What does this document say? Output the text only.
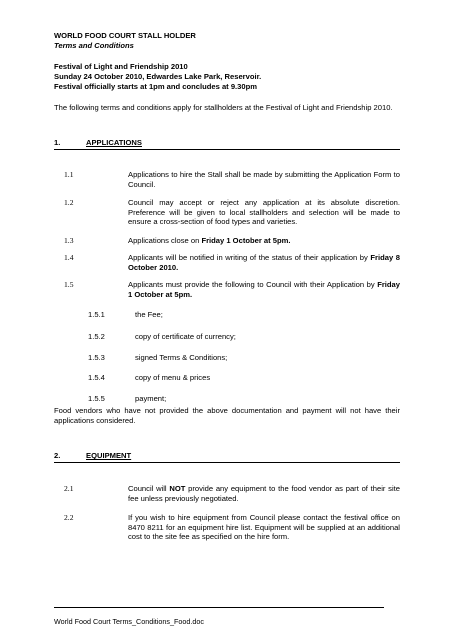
WORLD FOOD COURT STALL HOLDER
Terms and Conditions
Festival of Light and Friendship 2010
Sunday 24 October 2010, Edwardes Lake Park, Reservoir.
Festival officially starts at 1pm and concludes at 9.30pm
The following terms and conditions apply for stallholders at the Festival of Light and Friendship 2010.
1.	APPLICATIONS
1.1	Applications to hire the Stall shall be made by submitting the Application Form to Council.
1.2	Council may accept or reject any application at its absolute discretion. Preference will be given to local stallholders and selection will be made to ensure a cross-section of food types and varieties.
1.3	Applications close on Friday 1 October at 5pm.
1.4	Applicants will be notified in writing of the status of their application by Friday 8 October 2010.
1.5	Applicants must provide the following to Council with their Application by Friday 1 October at 5pm.
1.5.1	the Fee;
1.5.2	copy of certificate of currency;
1.5.3	signed Terms & Conditions;
1.5.4	copy of menu & prices
1.5.5	payment;
Food vendors who have not provided the above documentation and payment will not have their applications considered.
2.	EQUIPMENT
2.1	Council will NOT provide any equipment to the food vendor as part of their site fee unless previously negotiated.
2.2	If you wish to hire equipment from Council please contact the festival office on 8470 8211 for an equipment hire list. Equipment will be supplied at an additional cost to the site fee as specified on the hire form.
World Food Court Terms_Conditions_Food.doc
